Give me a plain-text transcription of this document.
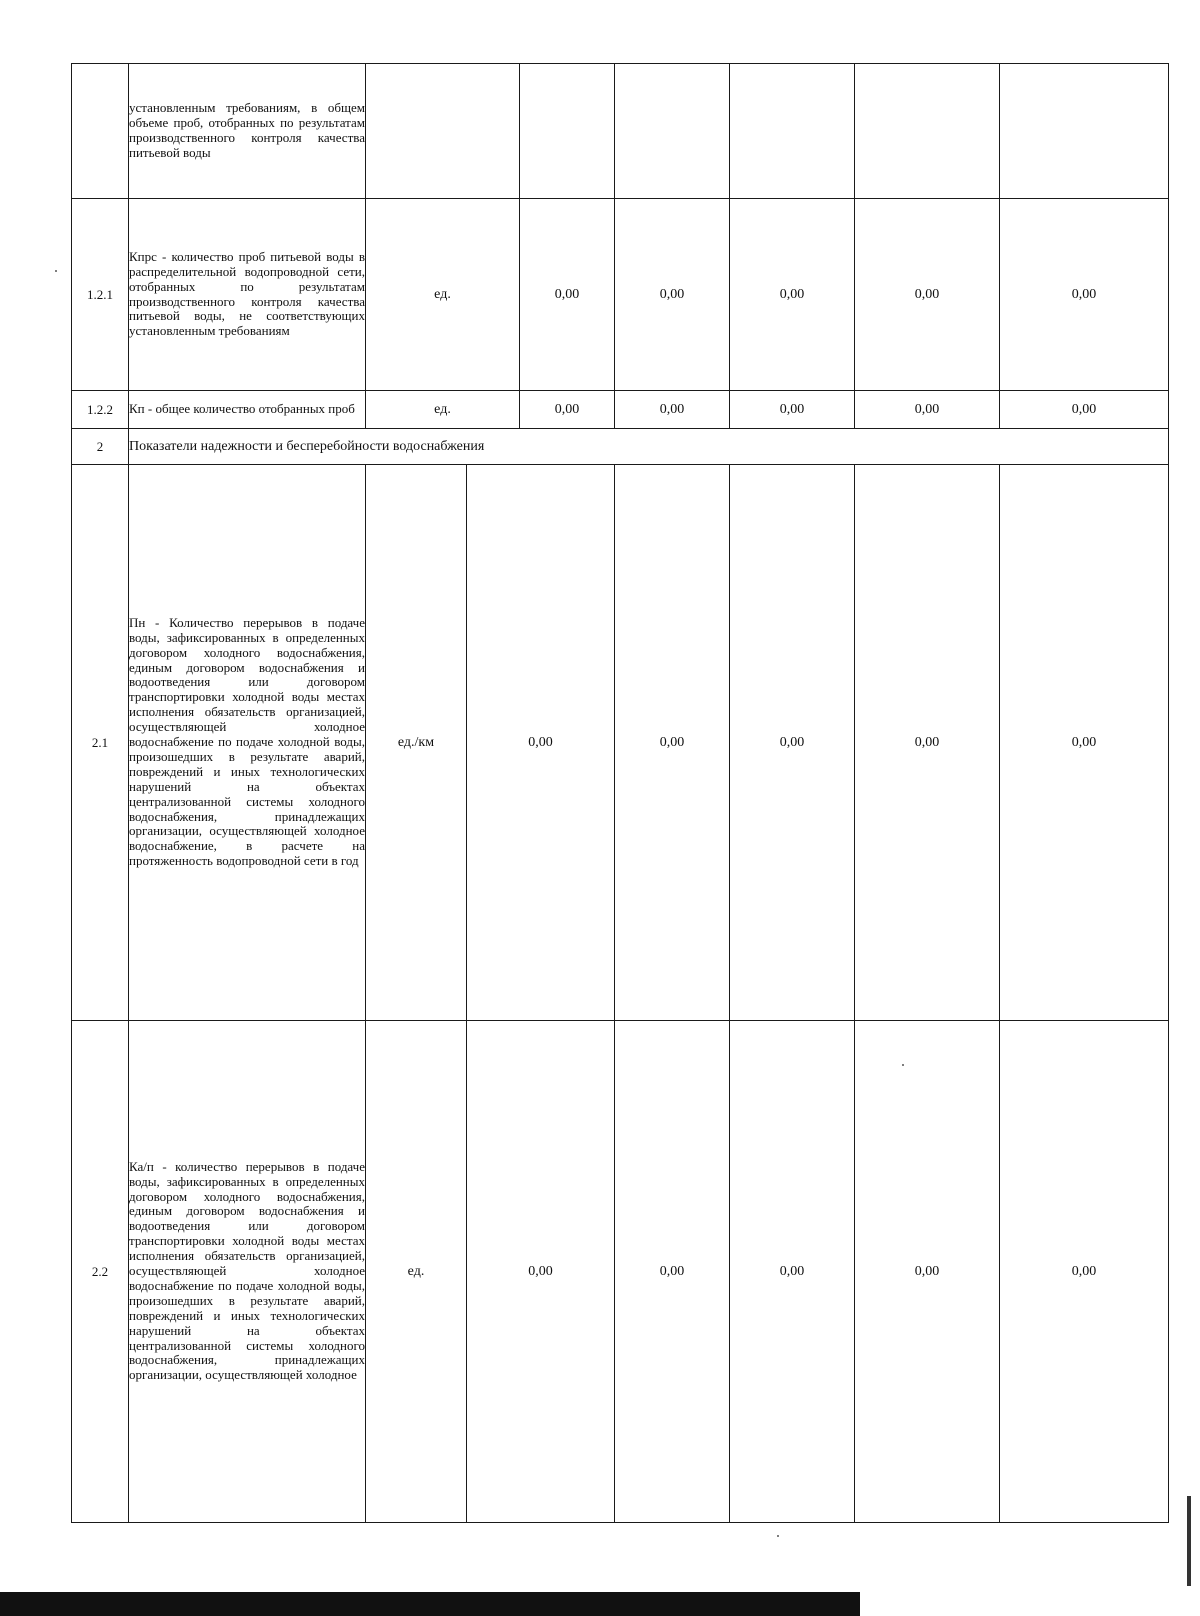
	установленным требованиям, в общем объеме проб, отобранных по результатам производственного контроля качества питьевой воды							
1.2.1	Кпрс - количество проб питьевой воды в распределительной водопроводной сети, отобранных по результатам производственного контроля качества питьевой воды, не соответствующих установленным требованиям	ед.		0,00	0,00	0,00	0,00	0,00
1.2.2	Кп - общее количество отобранных проб	ед.		0,00	0,00	0,00	0,00	0,00
2	Показатели надежности и бесперебойности водоснабжения							
2.1	Пн - Количество перерывов в подаче воды, зафиксированных в определенных договором холодного водоснабжения, единым договором водоснабжения и водоотведения или договором транспортировки холодной воды местах исполнения обязательств организацией, осуществляющей холодное водоснабжение по подаче холодной воды, произошедших в результате аварий, повреждений и иных технологических нарушений на объектах централизованной системы холодного водоснабжения, принадлежащих организации, осуществляющей холодное водоснабжение, в расчете на протяженность водопроводной сети в год	ед./км	0,00		0,00	0,00	0,00	0,00
2.2	Ка/п - количество перерывов в подаче воды, зафиксированных в определенных договором холодного водоснабжения, единым договором водоснабжения и водоотведения или договором транспортировки холодной воды местах исполнения обязательств организацией, осуществляющей холодное водоснабжение по подаче холодной воды, произошедших в результате аварий, повреждений и иных технологических нарушений на объектах централизованной системы холодного водоснабжения, принадлежащих организации, осуществляющей холодное	ед.	0,00		0,00	0,00	0,00	0,00
